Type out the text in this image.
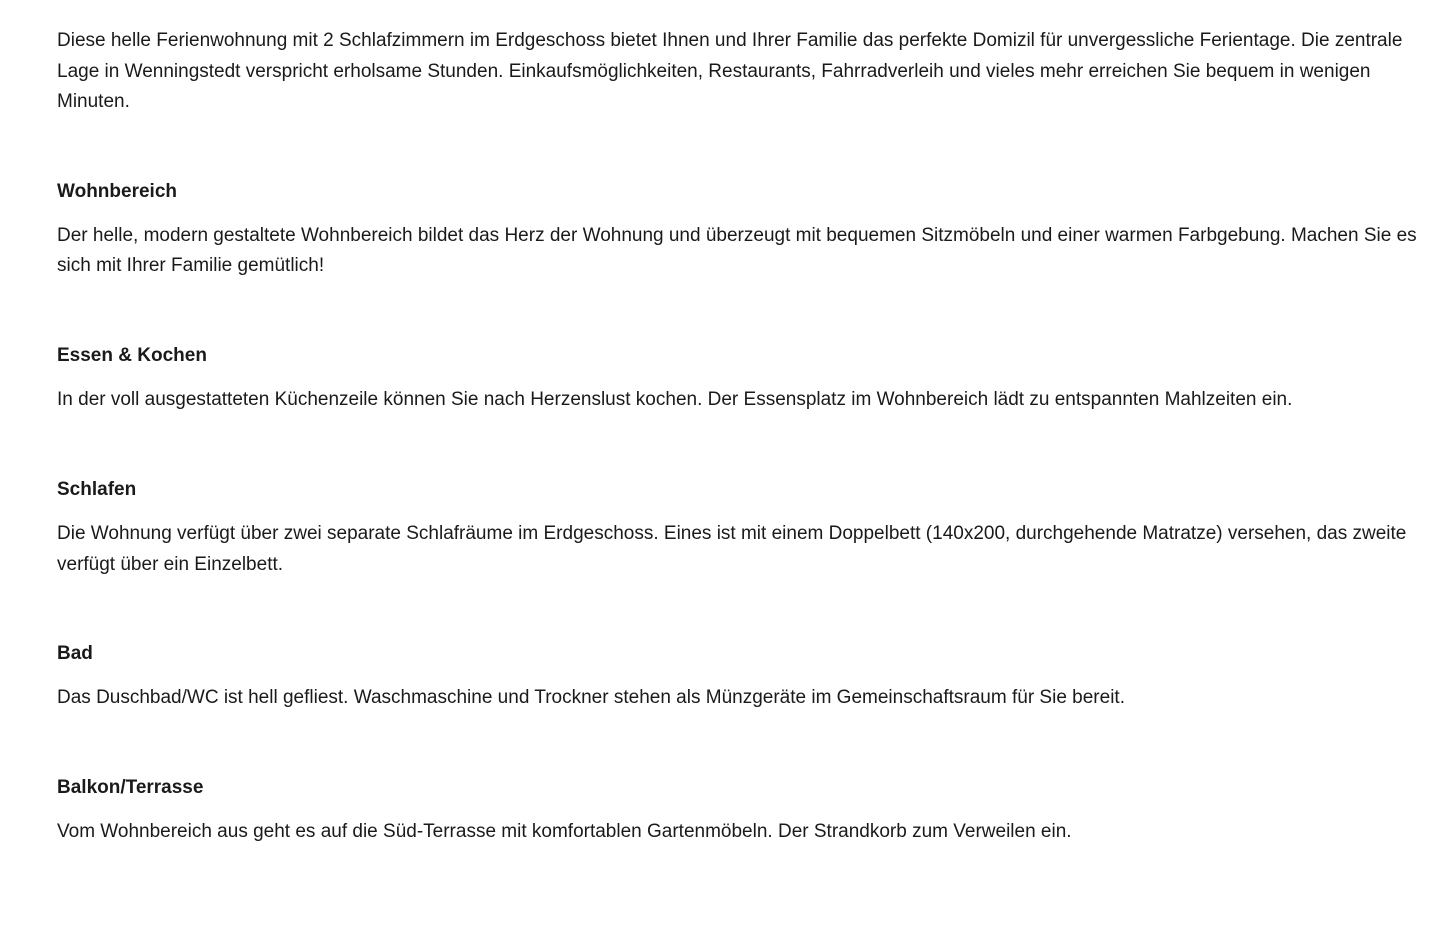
Diese helle Ferienwohnung mit 2 Schlafzimmern im Erdgeschoss bietet Ihnen und Ihrer Familie das perfekte Domizil für unvergessliche Ferientage. Die zentrale Lage in Wenningstedt verspricht erholsame Stunden. Einkaufsmöglichkeiten, Restaurants, Fahrradverleih und vieles mehr erreichen Sie bequem in wenigen Minuten.

Wohnbereich

Der helle, modern gestaltete Wohnbereich bildet das Herz der Wohnung und überzeugt mit bequemen Sitzmöbeln und einer warmen Farbgebung. Machen Sie es sich mit Ihrer Familie gemütlich!

Essen & Kochen

In der voll ausgestatteten Küchenzeile können Sie nach Herzenslust kochen. Der Essensplatz im Wohnbereich lädt zu entspannten Mahlzeiten ein.

Schlafen

Die Wohnung verfügt über zwei separate Schlafräume im Erdgeschoss. Eines ist mit einem Doppelbett (140x200, durchgehende Matratze) versehen, das zweite verfügt über ein Einzelbett.

Bad

Das Duschbad/WC ist hell gefliest. Waschmaschine und Trockner stehen als Münzgeräte im Gemeinschaftsraum für Sie bereit.

Balkon/Terrasse

Vom Wohnbereich aus geht es auf die Süd-Terrasse mit komfortablen Gartenmöbeln. Der Strandkorb zum Verweilen ein.
